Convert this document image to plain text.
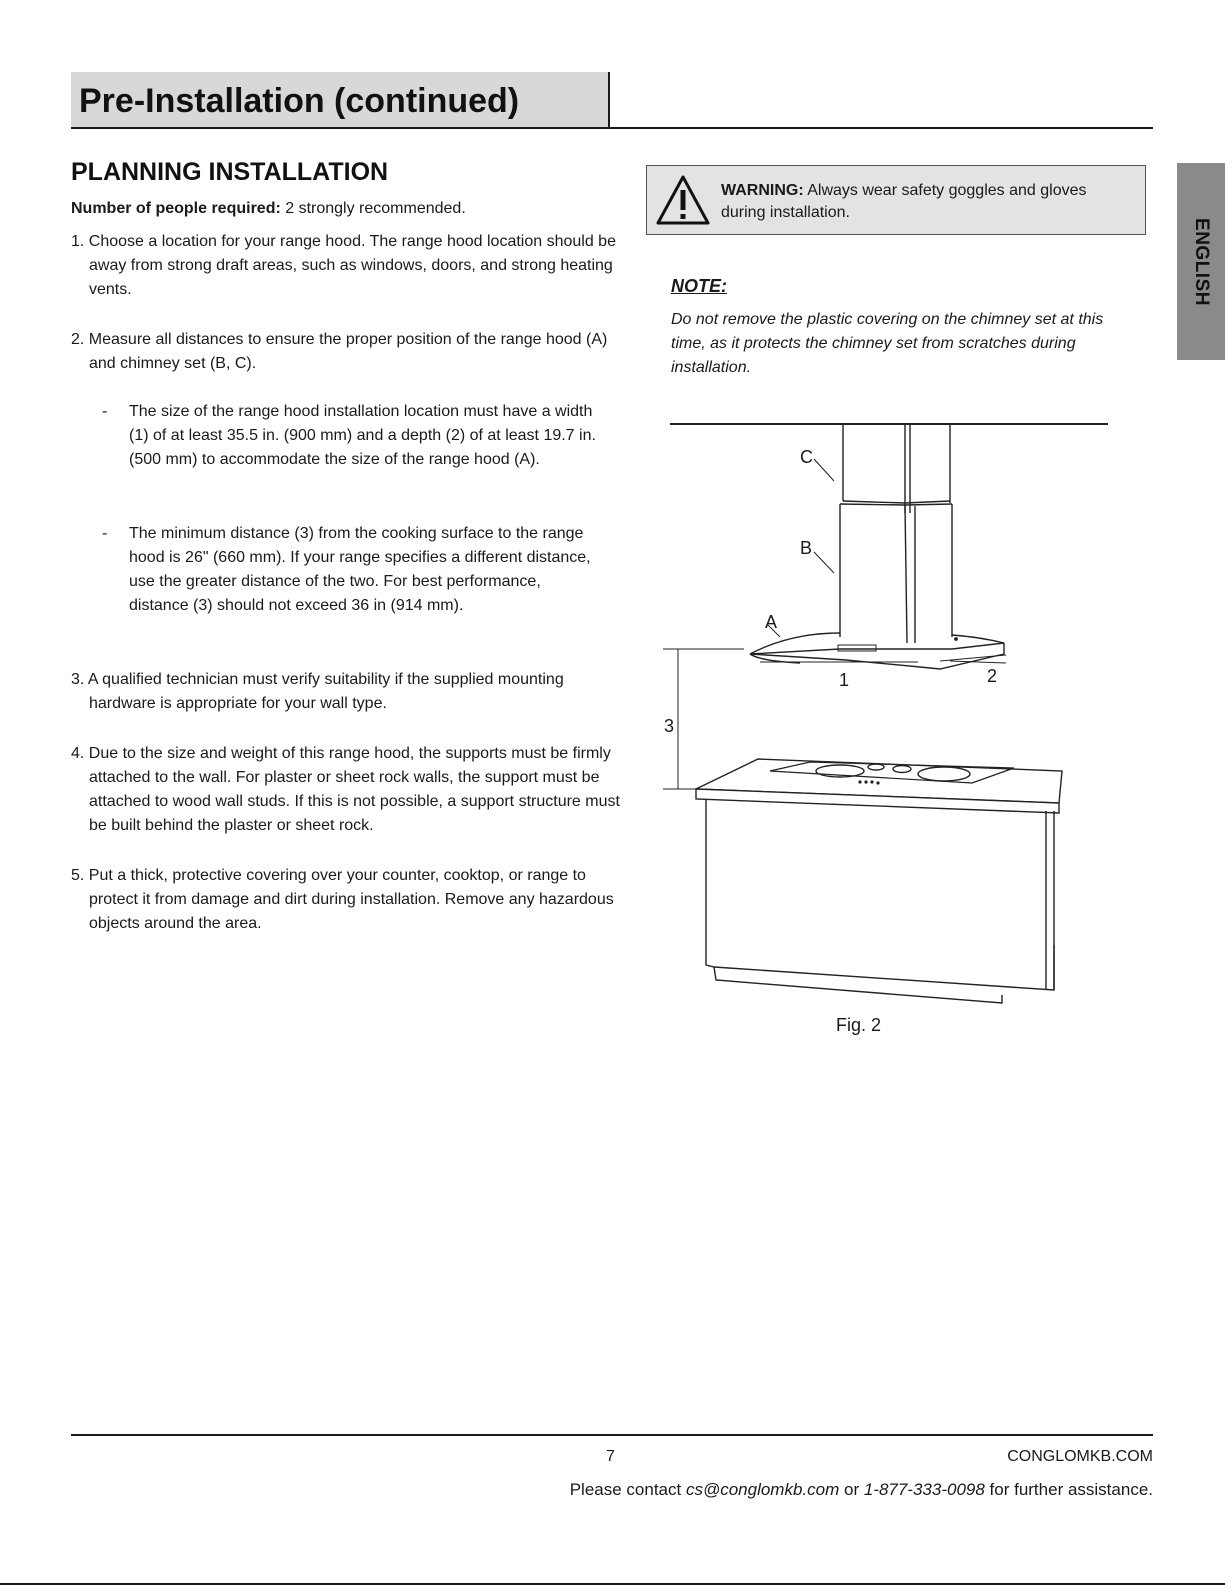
Pre-Installation (continued)
ENGLISH
PLANNING INSTALLATION
Number of people required: 2 strongly recommended.
1. Choose a location for your range hood. The range hood location should be away from strong draft areas, such as windows, doors, and strong heating vents.
2. Measure all distances to ensure the proper position of the range hood (A) and chimney set (B, C).
- The size of the range hood installation location must have a width (1) of at least 35.5 in. (900 mm) and a depth (2) of at least 19.7 in. (500 mm) to accommodate the size of the range hood (A).
- The minimum distance (3) from the cooking surface to the range hood is 26" (660 mm). If your range specifies a different distance, use the greater distance of the two. For best performance, distance (3) should not exceed 36 in (914 mm).
3. A qualified technician must verify suitability if the supplied mounting hardware is appropriate for your wall type.
4. Due to the size and weight of this range hood, the supports must be firmly attached to the wall. For plaster or sheet rock walls, the support must be attached to wood wall studs. If this is not possible, a support structure must be built behind the plaster or sheet rock.
5. Put a thick, protective covering over your counter, cooktop, or range to protect it from damage and dirt during installation. Remove any hazardous objects around the area.
WARNING: Always wear safety goggles and gloves during installation.
NOTE:
Do not remove the plastic covering on the chimney set at this time, as it protects the chimney set from scratches during installation.
C
B
A
1	2
3
Fig. 2
7	CONGLOMKB.COM
Please contact cs@conglomkb.com or 1-877-333-0098 for further assistance.
